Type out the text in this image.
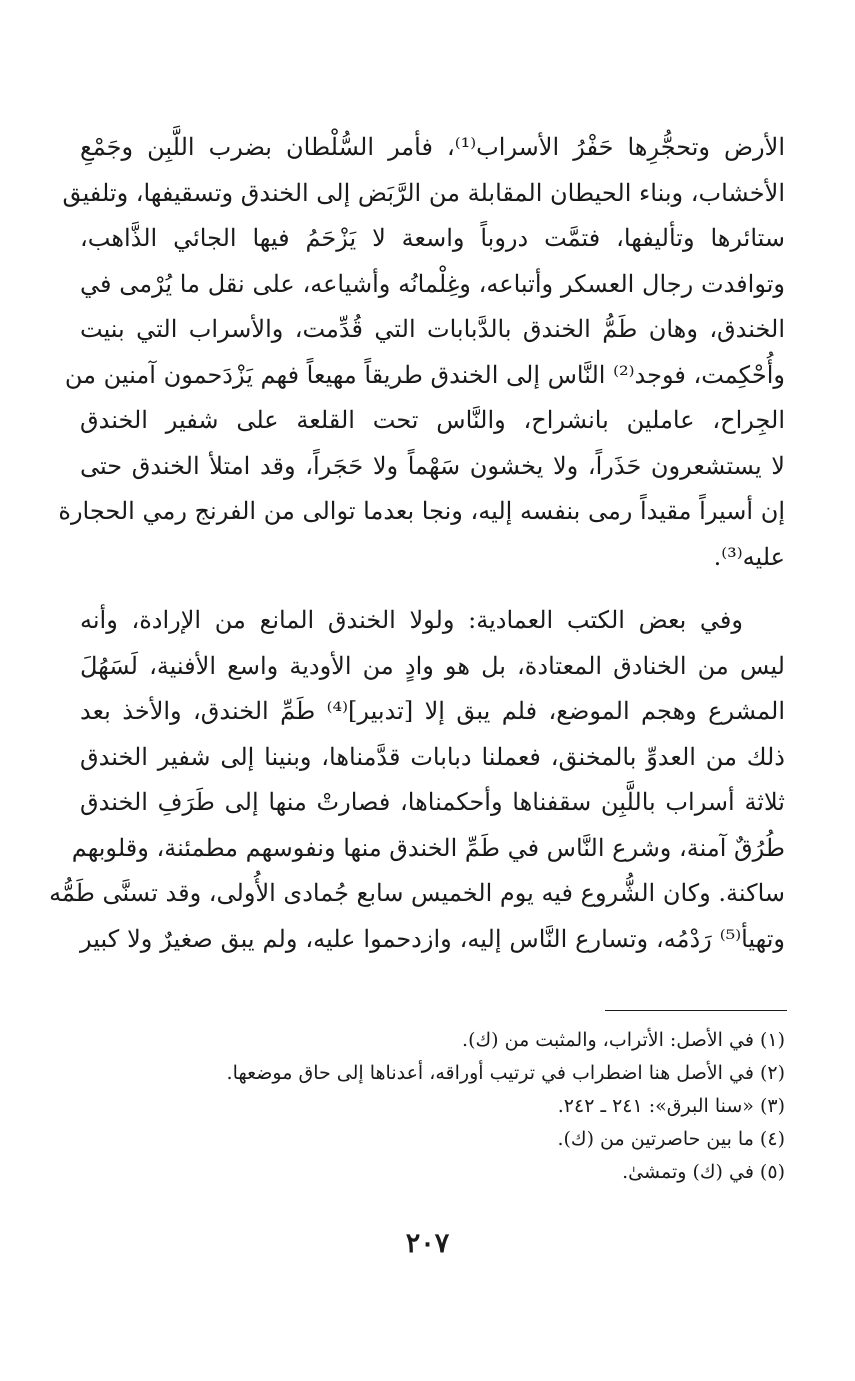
الأرض وتحجُّرِها حَفْرُ الأسراب⁽¹⁾، فأمر السُّلْطان بضرب اللَّبِن وجَمْعِ
الأخشاب، وبناء الحيطان المقابلة من الرَّبَض إلى الخندق وتسقيفها، وتلفيق
ستائرها وتأليفها، فتمَّت دروباً واسعة لا يَزْحَمُ فيها الجائي الذَّاهب،
وتوافدت رجال العسكر وأتباعه، وغِلْمانُه وأشياعه، على نقل ما يُرْمى في
الخندق، وهان طَمُّ الخندق بالدَّبابات التي قُدِّمت، والأسراب التي بنيت
وأُحْكِمت، فوجد⁽²⁾ النَّاس إلى الخندق طريقاً مهيعاً فهم يَزْدَحمون آمنين من
الجِراح، عاملين بانشراح، والنَّاس تحت القلعة على شفير الخندق
لا يستشعرون حَذَراً، ولا يخشون سَهْماً ولا حَجَراً، وقد امتلأ الخندق حتى
إن أسيراً مقيداً رمى بنفسه إليه، ونجا بعدما توالى من الفرنج رمي الحجارة
عليه⁽³⁾.
وفي بعض الكتب العمادية: ولولا الخندق المانع من الإرادة، وأنه
ليس من الخنادق المعتادة، بل هو وادٍ من الأودية واسع الأفنية، لَسَهُلَ
المشرع وهجم الموضع، فلم يبق إلا [تدبير]⁽⁴⁾ طَمِّ الخندق، والأخذ بعد
ذلك من العدوِّ بالمخنق، فعملنا دبابات قدَّمناها، وبنينا إلى شفير الخندق
ثلاثة أسراب باللَّبِن سقفناها وأحكمناها، فصارتْ منها إلى طَرَفِ الخندق
طُرُقٌ آمنة، وشرع النَّاس في طَمِّ الخندق منها ونفوسهم مطمئنة، وقلوبهم
ساكنة. وكان الشُّروع فيه يوم الخميس سابع جُمادى الأُولى، وقد تسنَّى طَمُّه
وتهيأ⁽⁵⁾ رَدْمُه، وتسارع النَّاس إليه، وازدحموا عليه، ولم يبق صغيرٌ ولا كبير
(١) في الأصل: الأتراب، والمثبت من (ك).
(٢) في الأصل هنا اضطراب في ترتيب أوراقه، أعدناها إلى حاق موضعها.
(٣) «سنا البرق»: ٢٤١ ـ ٢٤٢.
(٤) ما بين حاصرتين من (ك).
(٥) في (ك) وتمشىٰ.
٢٠٧
